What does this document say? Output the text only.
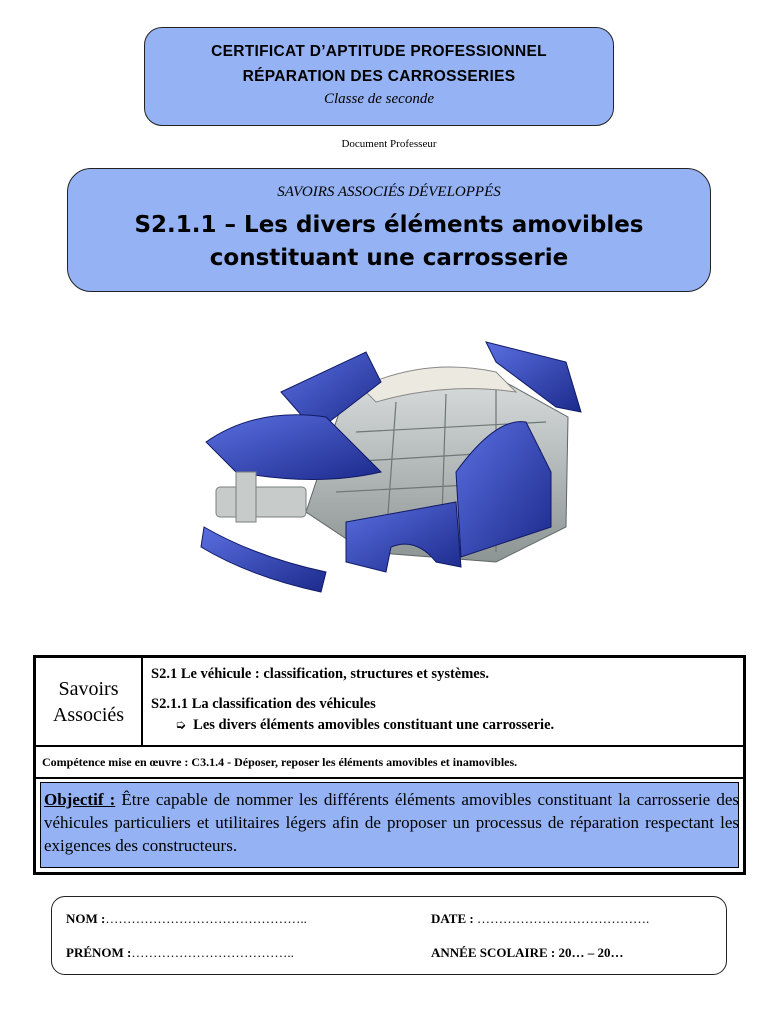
CERTIFICAT D’APTITUDE PROFESSIONNEL
RÉPARATION DES CARROSSERIES
Classe de seconde
Document Professeur
SAVOIRS ASSOCIÉS DÉVELOPPÉS
S2.1.1 – Les divers éléments amovibles
constituant une carrosserie
Savoirs
Associés
S2.1 Le véhicule : classification, structures et systèmes.
S2.1.1 La classification des véhicules
➭ Les divers éléments amovibles constituant une carrosserie.
Compétence mise en œuvre : C3.1.4 - Déposer, reposer les éléments amovibles et inamovibles.
Objectif : Être capable de nommer les différents éléments amovibles constituant la carrosserie des véhicules particuliers et utilitaires légers afin de proposer un processus de réparation respectant les exigences des constructeurs.
NOM :………………………………………..	DATE : ………………………………….
PRÉNOM :………………………………..	ANNÉE SCOLAIRE : 20… – 20…
